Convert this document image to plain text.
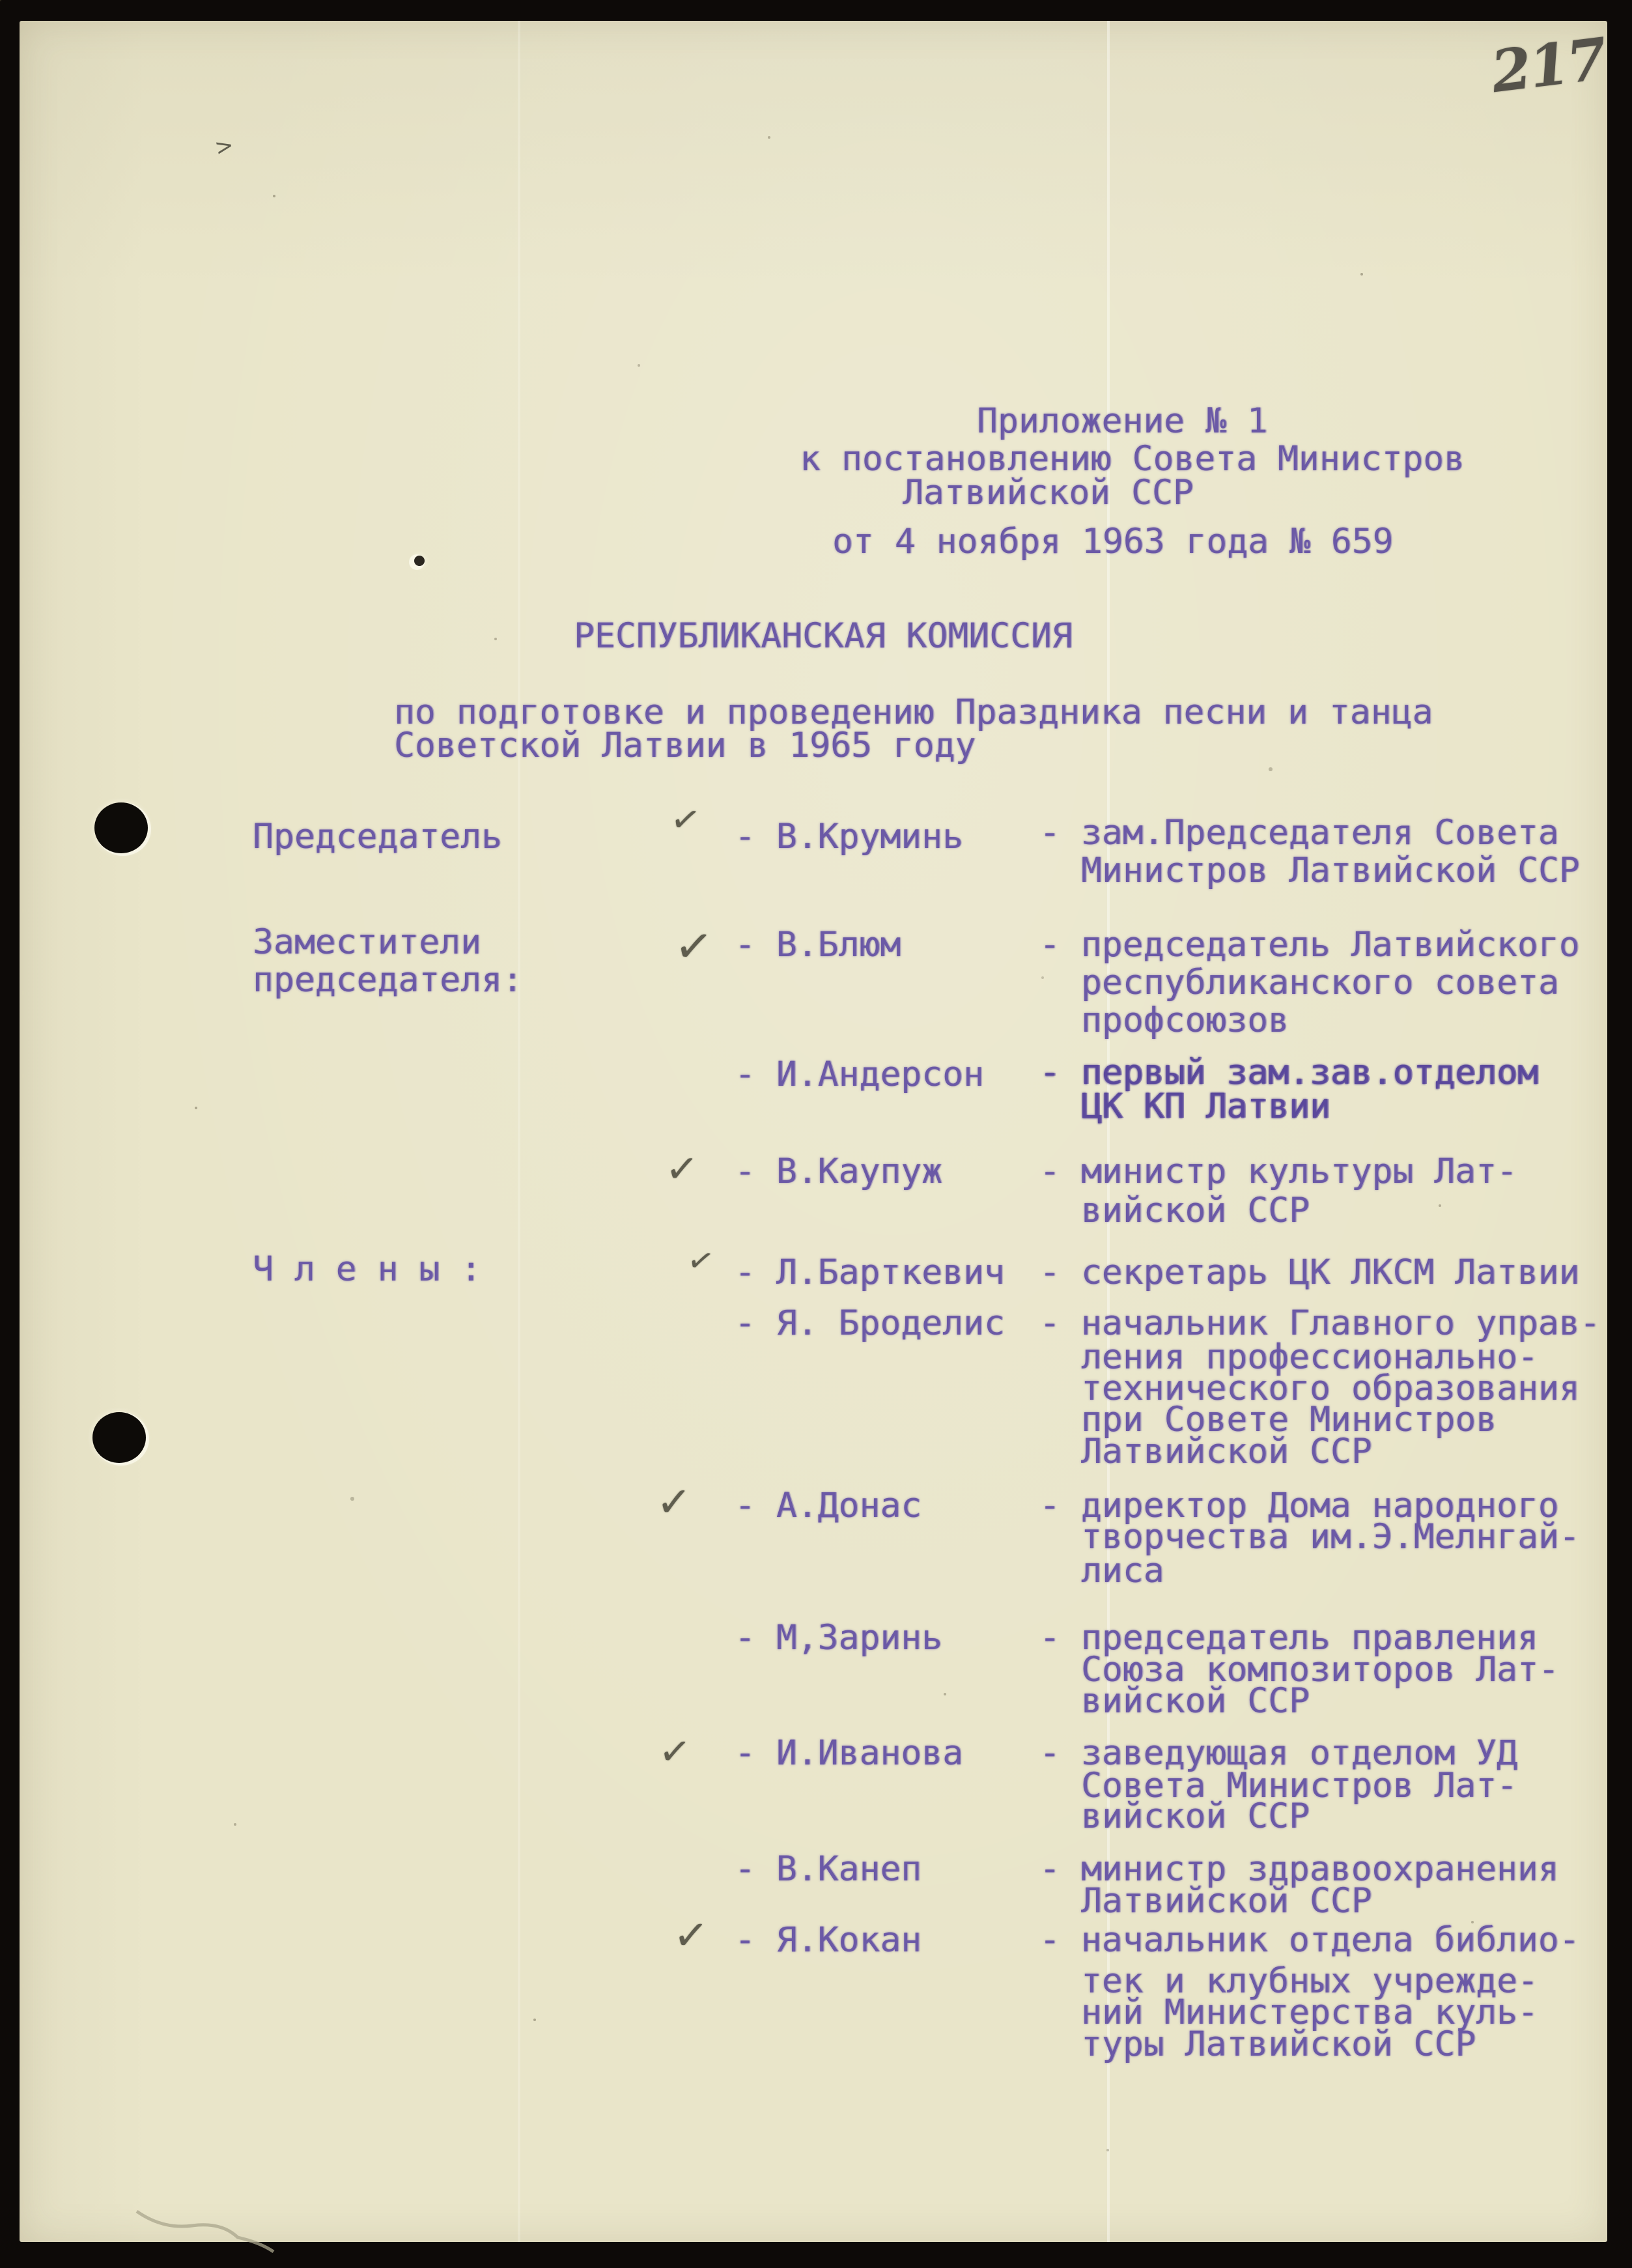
217
>
Приложение № 1
к постановлению Совета Министров
Латвийской ССР
от 4 ноября 1963 года № 659
РЕСПУБЛИКАНСКАЯ КОМИССИЯ
по подготовке и проведению Праздника песни и танца
Советской Латвии в 1965 году
Председатель	✓ - В.Круминь - зам.Председателя Совета
Министров Латвийской ССР
Заместители
председателя:
✓ - В.Блюм	- председатель Латвийского
республиканского совета
профсоюзов
- И.Андерсон - первый зам.зав.отделом
ЦК КП Латвии
✓ - В.Каупуж	- министр культуры Лат-
вийской ССР
Ч л е н ы :	✓ - Л.Барткевич - секретарь ЦК ЛКСМ Латвии
- Я. Броделис - начальник Главного управ-
ления профессионально-
технического образования
при Совете Министров
Латвийской ССР
✓ - А.Донас	- директор Дома народного
творчества им.Э.Мелнгай-
лиса
- М,Заринь	- председатель правления
Союза композиторов Лат-
вийской ССР
✓ - И.Иванова - заведующая отделом УД
Совета Министров Лат-
вийской ССР
- В.Канеп	- министр здравоохранения
Латвийской ССР
✓ - Я.Кокан	- начальник отдела библио-
тек и клубных учрежде-
ний Министерства куль-
туры Латвийской ССР
